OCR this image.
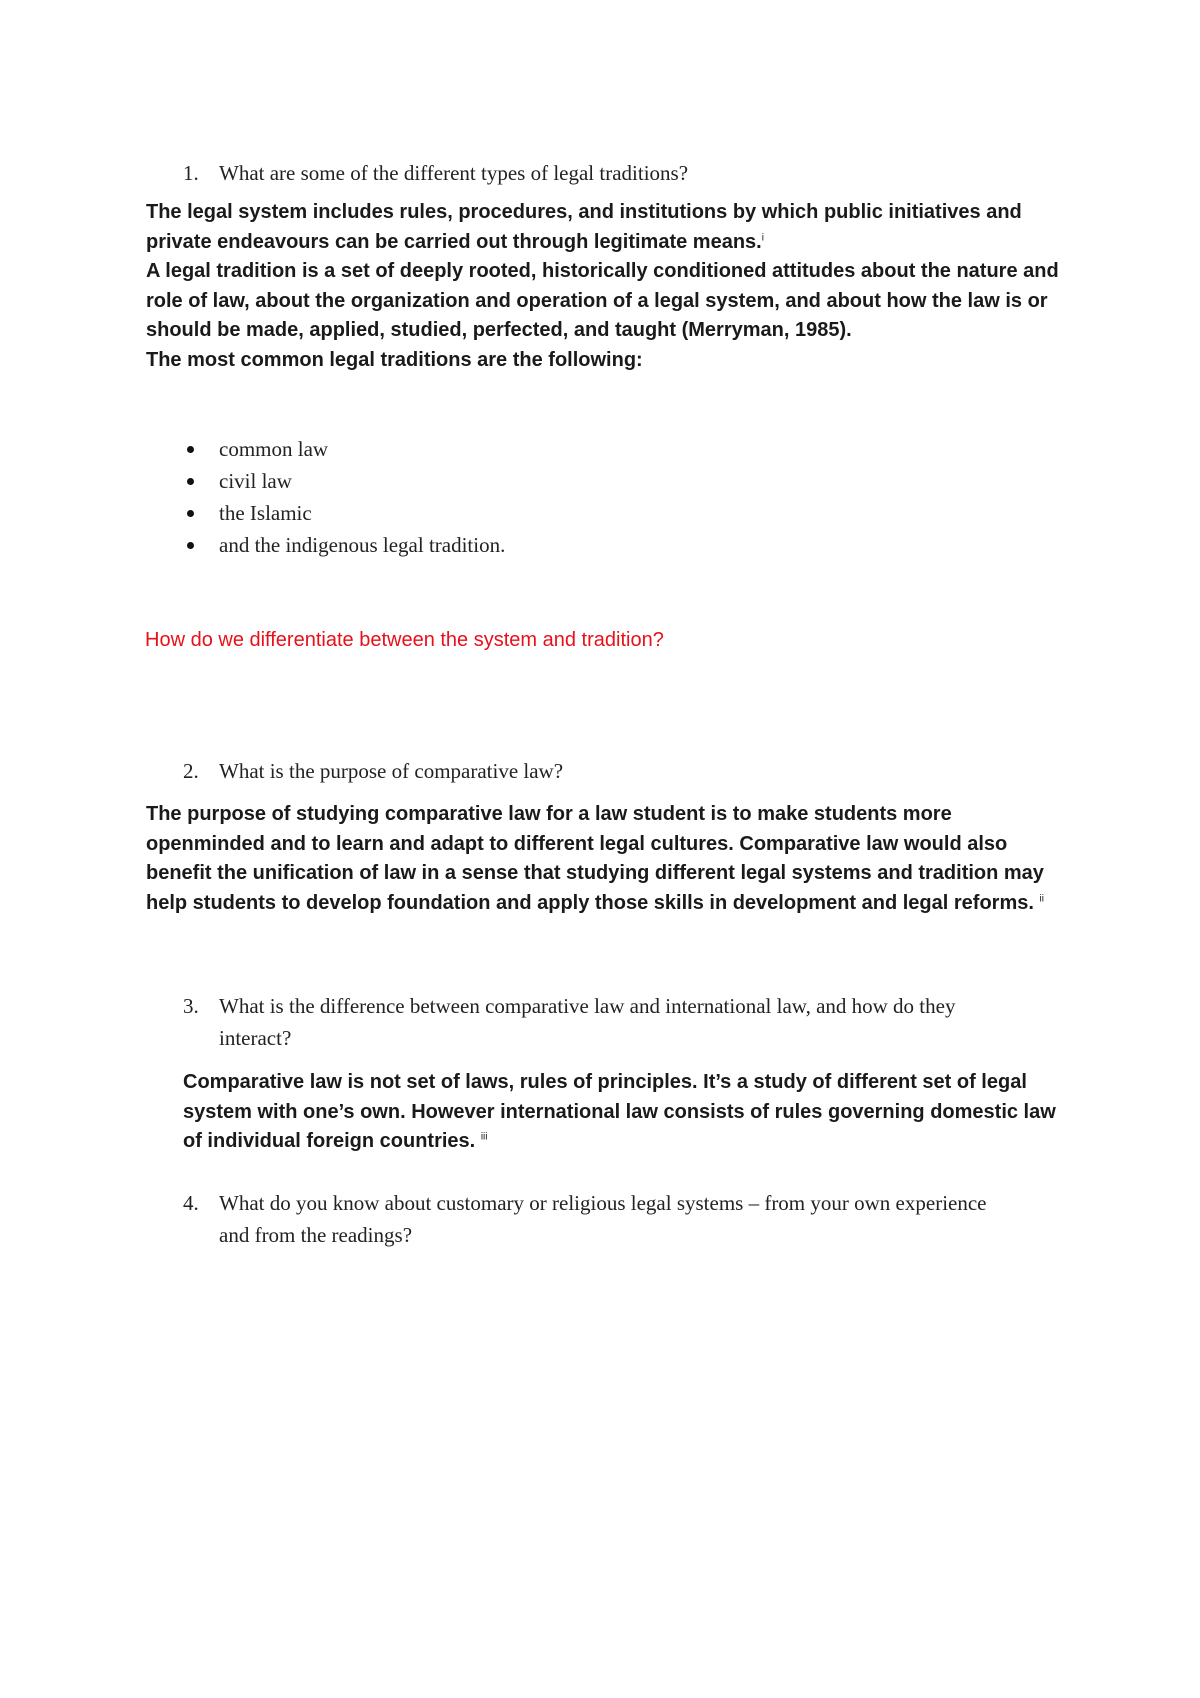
1. What are some of the different types of legal traditions?

The legal system includes rules, procedures, and institutions by which public initiatives and private endeavours can be carried out through legitimate means.$^i$

A legal tradition is a set of deeply rooted, historically conditioned attitudes about the nature and role of law, about the organization and operation of a legal system, and about how the law is or should be made, applied, studied, perfected, and taught (Merryman, 1985).

The most common legal traditions are the following:

common law
civil law
the Islamic
and the indigenous legal tradition.
How do we differentiate between the system and tradition?
2. What is the purpose of comparative law?

The purpose of studying comparative law for a law student is to make students more openminded and to learn and adapt to different legal cultures. Comparative law would also benefit the unification of law in a sense that studying different legal systems and tradition may help students to develop foundation and apply those skills in development and legal reforms. $^{ii}$

3. What is the difference between comparative law and international law, and how do they interact?

Comparative law is not set of laws, rules of principles. It’s a study of different set of legal system with one’s own. However international law consists of rules governing domestic law of individual foreign countries. $^{iii}$

4. What do you know about customary or religious legal systems – from your own experience and from the readings?
